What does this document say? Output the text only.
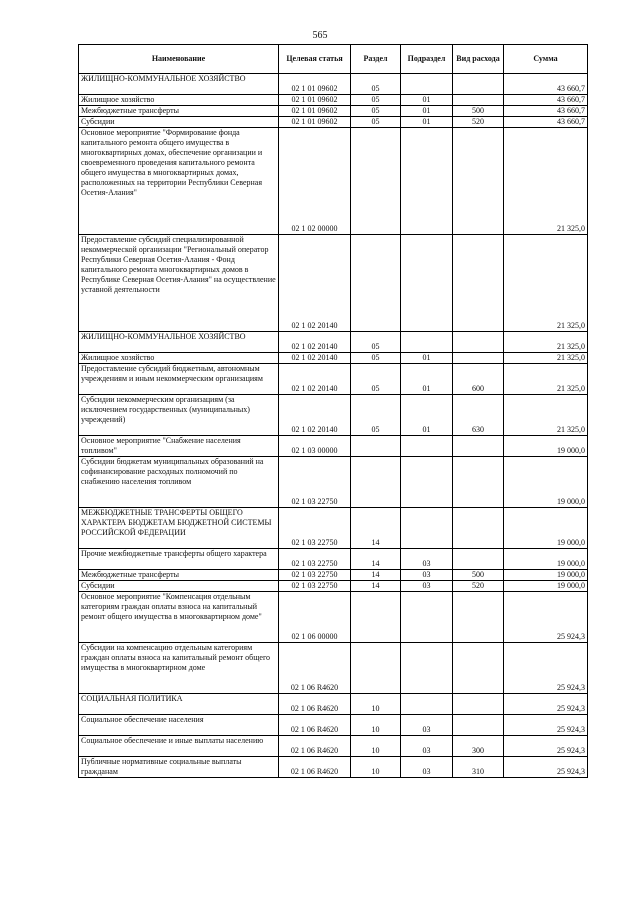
565
Наименование	Целевая статья	Раздел	Подраздел	Вид расхода	Сумма
ЖИЛИЩНО-КОММУНАЛЬНОЕ ХОЗЯЙСТВО	02 1 01 09602	05			43 660,7
Жилищное хозяйство	02 1 01 09602	05	01		43 660,7
Межбюджетные трансферты	02 1 01 09602	05	01	500	43 660,7
Субсидии	02 1 01 09602	05	01	520	43 660,7
Основное мероприятие "Формирование фонда капитального ремонта общего имущества в многоквартирных домах, обеспечение организации и своевременного проведения капитального ремонта общего имущества в многоквартирных домах, расположенных на территории Республики Северная Осетия-Алания"	02 1 02 00000				21 325,0
Предоставление субсидий специализированной некоммерческой организации "Региональный оператор Республики Северная Осетия-Алания - Фонд капитального ремонта многоквартирных домов в Республике Северная Осетия-Алания" на осуществление уставной деятельности	02 1 02 20140				21 325,0
ЖИЛИЩНО-КОММУНАЛЬНОЕ ХОЗЯЙСТВО	02 1 02 20140	05			21 325,0
Жилищное хозяйство	02 1 02 20140	05	01		21 325,0
Предоставление субсидий бюджетным, автономным учреждениям и иным некоммерческим организациям	02 1 02 20140	05	01	600	21 325,0
Субсидии некоммерческим организациям (за исключением государственных (муниципальных) учреждений)	02 1 02 20140	05	01	630	21 325,0
Основное мероприятие "Снабжение населения топливом"	02 1 03 00000				19 000,0
Субсидии бюджетам муниципальных образований на софинансирование расходных полномочий по снабжению населения топливом	02 1 03 22750				19 000,0
МЕЖБЮДЖЕТНЫЕ ТРАНСФЕРТЫ ОБЩЕГО ХАРАКТЕРА БЮДЖЕТАМ БЮДЖЕТНОЙ СИСТЕМЫ РОССИЙСКОЙ ФЕДЕРАЦИИ	02 1 03 22750	14			19 000,0
Прочие межбюджетные трансферты общего характера	02 1 03 22750	14	03		19 000,0
Межбюджетные трансферты	02 1 03 22750	14	03	500	19 000,0
Субсидии	02 1 03 22750	14	03	520	19 000,0
Основное мероприятие "Компенсация отдельным категориям граждан оплаты взноса на капитальный ремонт общего имущества в многоквартирном доме"	02 1 06 00000				25 924,3
Субсидии на компенсацию отдельным категориям граждан оплаты взноса на капитальный ремонт общего имущества в многоквартирном доме	02 1 06 R4620				25 924,3
СОЦИАЛЬНАЯ ПОЛИТИКА	02 1 06 R4620	10			25 924,3
Социальное обеспечение населения	02 1 06 R4620	10	03		25 924,3
Социальное обеспечение и иные выплаты населению	02 1 06 R4620	10	03	300	25 924,3
Публичные нормативные социальные выплаты гражданам	02 1 06 R4620	10	03	310	25 924,3
